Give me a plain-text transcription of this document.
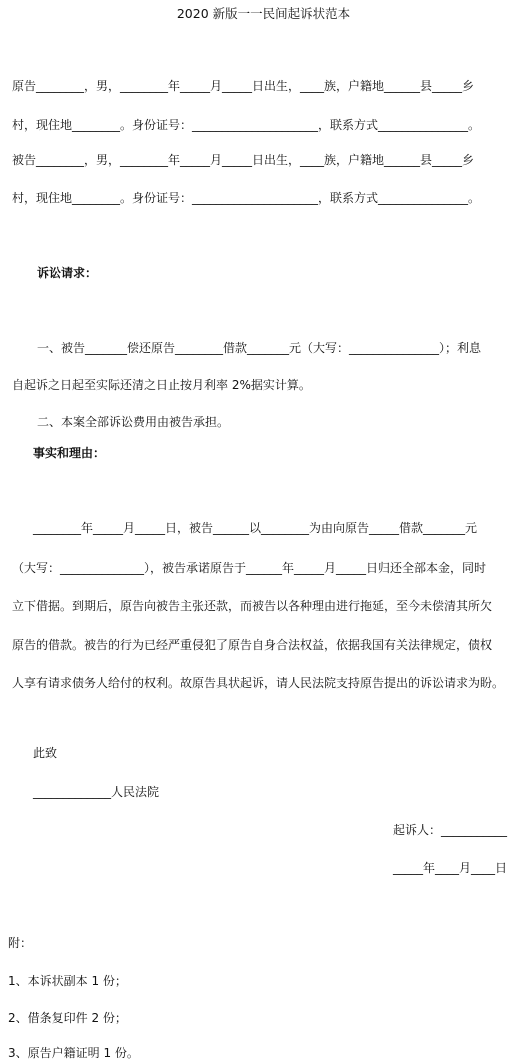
2020 新版一一民间起诉状范本
原告________，男，________年_____月_____日出生，____族，户籍地______县_____乡
村，现住地________。身份证号：_____________________，联系方式_______________。
被告________，男，________年_____月_____日出生，____族，户籍地______县_____乡
村，现住地________。身份证号：_____________________，联系方式_______________。
诉讼请求：
一、被告_______偿还原告________借款_______元（大写：_______________）；利息
自起诉之日起至实际还清之日止按月利率 2%据实计算。
二、本案全部诉讼费用由被告承担。
事实和理由：
________年_____月_____日，被告______以________为由向原告_____借款_______元
（大写：______________），被告承诺原告于______年_____月_____日归还全部本金，同时
立下借据。到期后，原告向被告主张还款，而被告以各种理由进行拖延，至今未偿清其所欠
原告的借款。被告的行为已经严重侵犯了原告自身合法权益，依据我国有关法律规定，债权
人享有请求债务人给付的权利。故原告具状起诉，请人民法院支持原告提出的诉讼请求为盼。
此致
_____________人民法院
起诉人：___________
_____年____月____日
附：
1、本诉状副本 1 份；
2、借条复印件 2 份；
3、原告户籍证明 1 份。
